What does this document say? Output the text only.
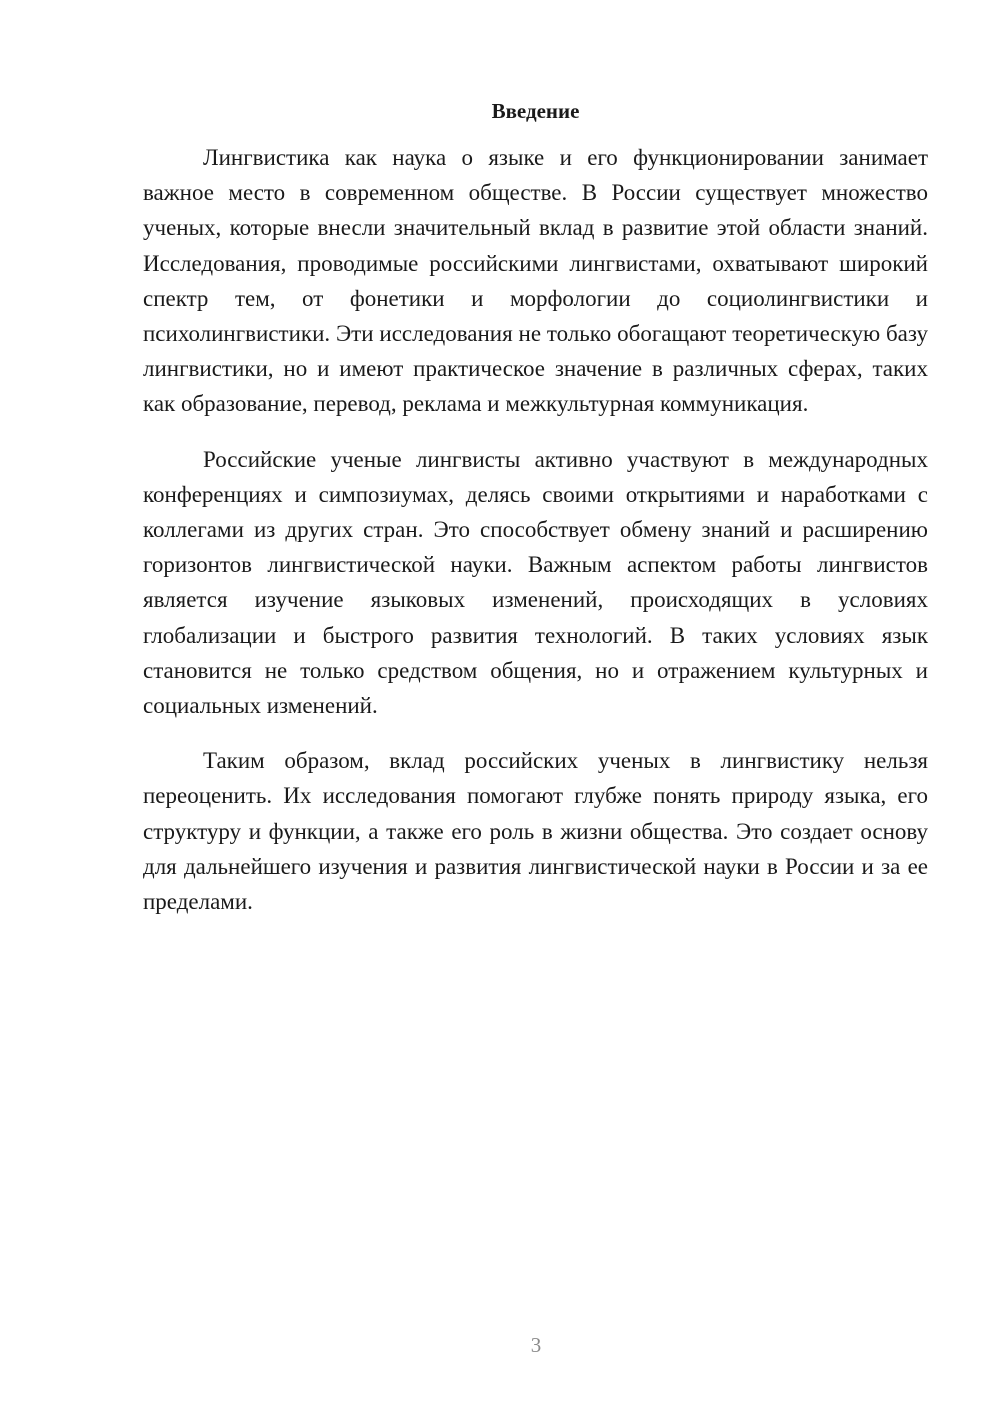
Введение

Лингвистика как наука о языке и его функционировании занимает важное место в современном обществе. В России существует множество ученых, которые внесли значительный вклад в развитие этой области знаний. Исследования, проводимые российскими лингвистами, охватывают широкий спектр тем, от фонетики и морфологии до социолингвистики и психолингвистики. Эти исследования не только обогащают теоретическую базу лингвистики, но и имеют практическое значение в различных сферах, таких как образование, перевод, реклама и межкультурная коммуникация.

Российские ученые лингвисты активно участвуют в международных конференциях и симпозиумах, делясь своими открытиями и наработками с коллегами из других стран. Это способствует обмену знаний и расширению горизонтов лингвистической науки. Важным аспектом работы лингвистов является изучение языковых изменений, происходящих в условиях глобализации и быстрого развития технологий. В таких условиях язык становится не только средством общения, но и отражением культурных и социальных изменений.

Таким образом, вклад российских ученых в лингвистику нельзя переоценить. Их исследования помогают глубже понять природу языка, его структуру и функции, а также его роль в жизни общества. Это создает основу для дальнейшего изучения и развития лингвистической науки в России и за ее пределами.

3
